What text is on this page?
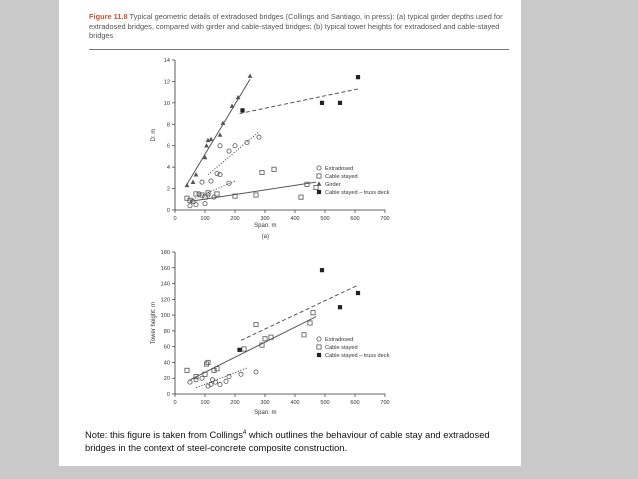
Figure 11.8 Typical geometric details of extradosed bridges (Collings and Santiago, in press): (a) typical girder depths used for extradosed bridges, compared with girder and cable-stayed bridges; (b) typical tower heights for extradosed and cable-stayed bridges
0	100	200	300	400	500	600	700
0
2
4
6
8
10
12
14
Span: m
D: m
(a)
Extradosed
Cable stayed
Girder
Cable stayed – truss deck
0	100	200	300	400	500	600	700
0
20
40
60
80
100
120
140
160
180
Span: m
Tower height: m	Extradosed
Cable stayed
Cable stayed – truss deck
Note: this figure is taken from Collings$^4$ which outlines the behaviour of cable stay and extradosed bridges in the context of steel-concrete composite construction.
